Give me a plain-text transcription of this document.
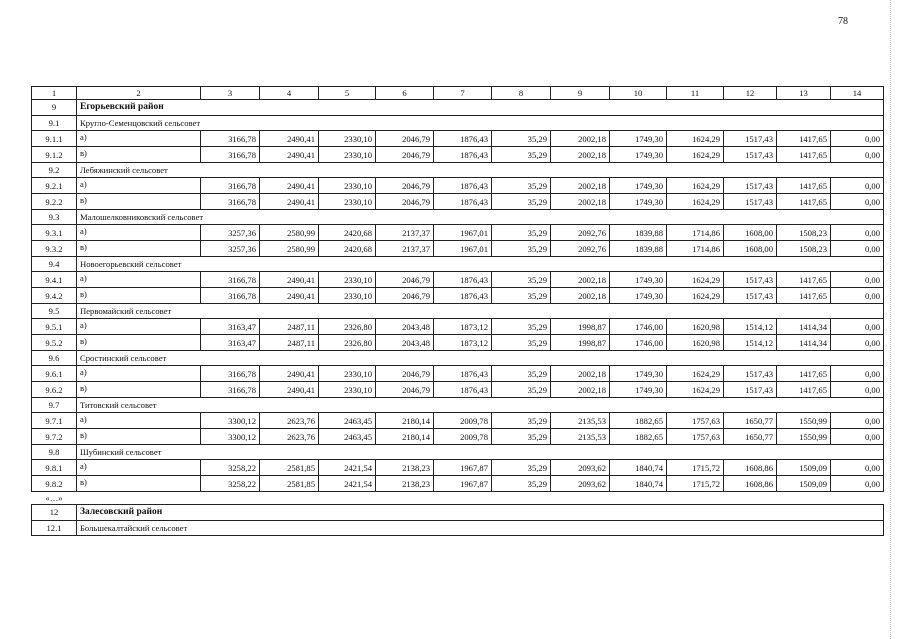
78
1	2	3	4	5	6	7	8	9	10	11	12	13	14
9	Егорьевский район												
9.1	Кругло-Семенцовский сельсовет												
9.1.1	а)	3166,78	2490,41	2330,10	2046,79	1876,43	35,29	2002,18	1749,30	1624,29	1517,43	1417,65	0,00
9.1.2	в)	3166,78	2490,41	2330,10	2046,79	1876,43	35,29	2002,18	1749,30	1624,29	1517,43	1417,65	0,00
9.2	Лебяжинский сельсовет												
9.2.1	а)	3166,78	2490,41	2330,10	2046,79	1876,43	35,29	2002,18	1749,30	1624,29	1517,43	1417,65	0,00
9.2.2	в)	3166,78	2490,41	2330,10	2046,79	1876,43	35,29	2002,18	1749,30	1624,29	1517,43	1417,65	0,00
9.3	Малошелковниковский сельсовет												
9.3.1	а)	3257,36	2580,99	2420,68	2137,37	1967,01	35,29	2092,76	1839,88	1714,86	1608,00	1508,23	0,00
9.3.2	в)	3257,36	2580,99	2420,68	2137,37	1967,01	35,29	2092,76	1839,88	1714,86	1608,00	1508,23	0,00
9.4	Новоегорьевский сельсовет												
9.4.1	а)	3166,78	2490,41	2330,10	2046,79	1876,43	35,29	2002,18	1749,30	1624,29	1517,43	1417,65	0,00
9.4.2	в)	3166,78	2490,41	2330,10	2046,79	1876,43	35,29	2002,18	1749,30	1624,29	1517,43	1417,65	0,00
9.5	Первомайский сельсовет												
9.5.1	а)	3163,47	2487,11	2326,80	2043,48	1873,12	35,29	1998,87	1746,00	1620,98	1514,12	1414,34	0,00
9.5.2	в)	3163,47	2487,11	2326,80	2043,48	1873,12	35,29	1998,87	1746,00	1620,98	1514,12	1414,34	0,00
9.6	Сростинский сельсовет												
9.6.1	а)	3166,78	2490,41	2330,10	2046,79	1876,43	35,29	2002,18	1749,30	1624,29	1517,43	1417,65	0,00
9.6.2	в)	3166,78	2490,41	2330,10	2046,79	1876,43	35,29	2002,18	1749,30	1624,29	1517,43	1417,65	0,00
9.7	Титовский сельсовет												
9.7.1	а)	3300,12	2623,76	2463,45	2180,14	2009,78	35,29	2135,53	1882,65	1757,63	1650,77	1550,99	0,00
9.7.2	в)	3300,12	2623,76	2463,45	2180,14	2009,78	35,29	2135,53	1882,65	1757,63	1650,77	1550,99	0,00
9.8	Шубинский сельсовет												
9.8.1	а)	3258,22	2581,85	2421,54	2138,23	1967,87	35,29	2093,62	1840,74	1715,72	1608,86	1509,09	0,00
9.8.2	в)	3258,22	2581,85	2421,54	2138,23	1967,87	35,29	2093,62	1840,74	1715,72	1608,86	1509,09	0,00
«…»													
12	Залесовский район												
12.1	Большекалтайский сельсовет												
